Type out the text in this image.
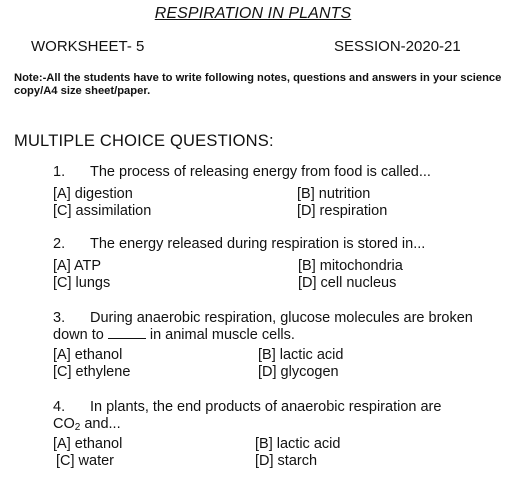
RESPIRATION IN PLANTS
WORKSHEET- 5	SESSION-2020-21
Note:-All the students have to write following notes, questions and answers in your science
copy/A4 size sheet/paper.
MULTIPLE CHOICE QUESTIONS:
1. The process of releasing energy from food is called...
[A] digestion	[B] nutrition
[C] assimilation	[D] respiration
2. The energy released during respiration is stored in...
[A] ATP	[B] mitochondria
[C] lungs	[D] cell nucleus
3. During anaerobic respiration, glucose molecules are broken
down to	in animal muscle cells.
[A] ethanol	[B] lactic acid
[C] ethylene	[D] glycogen
4. In plants, the end products of anaerobic respiration are
$CO_2$ and...
[A] ethanol	[B] lactic acid
[C] water	[D] starch
